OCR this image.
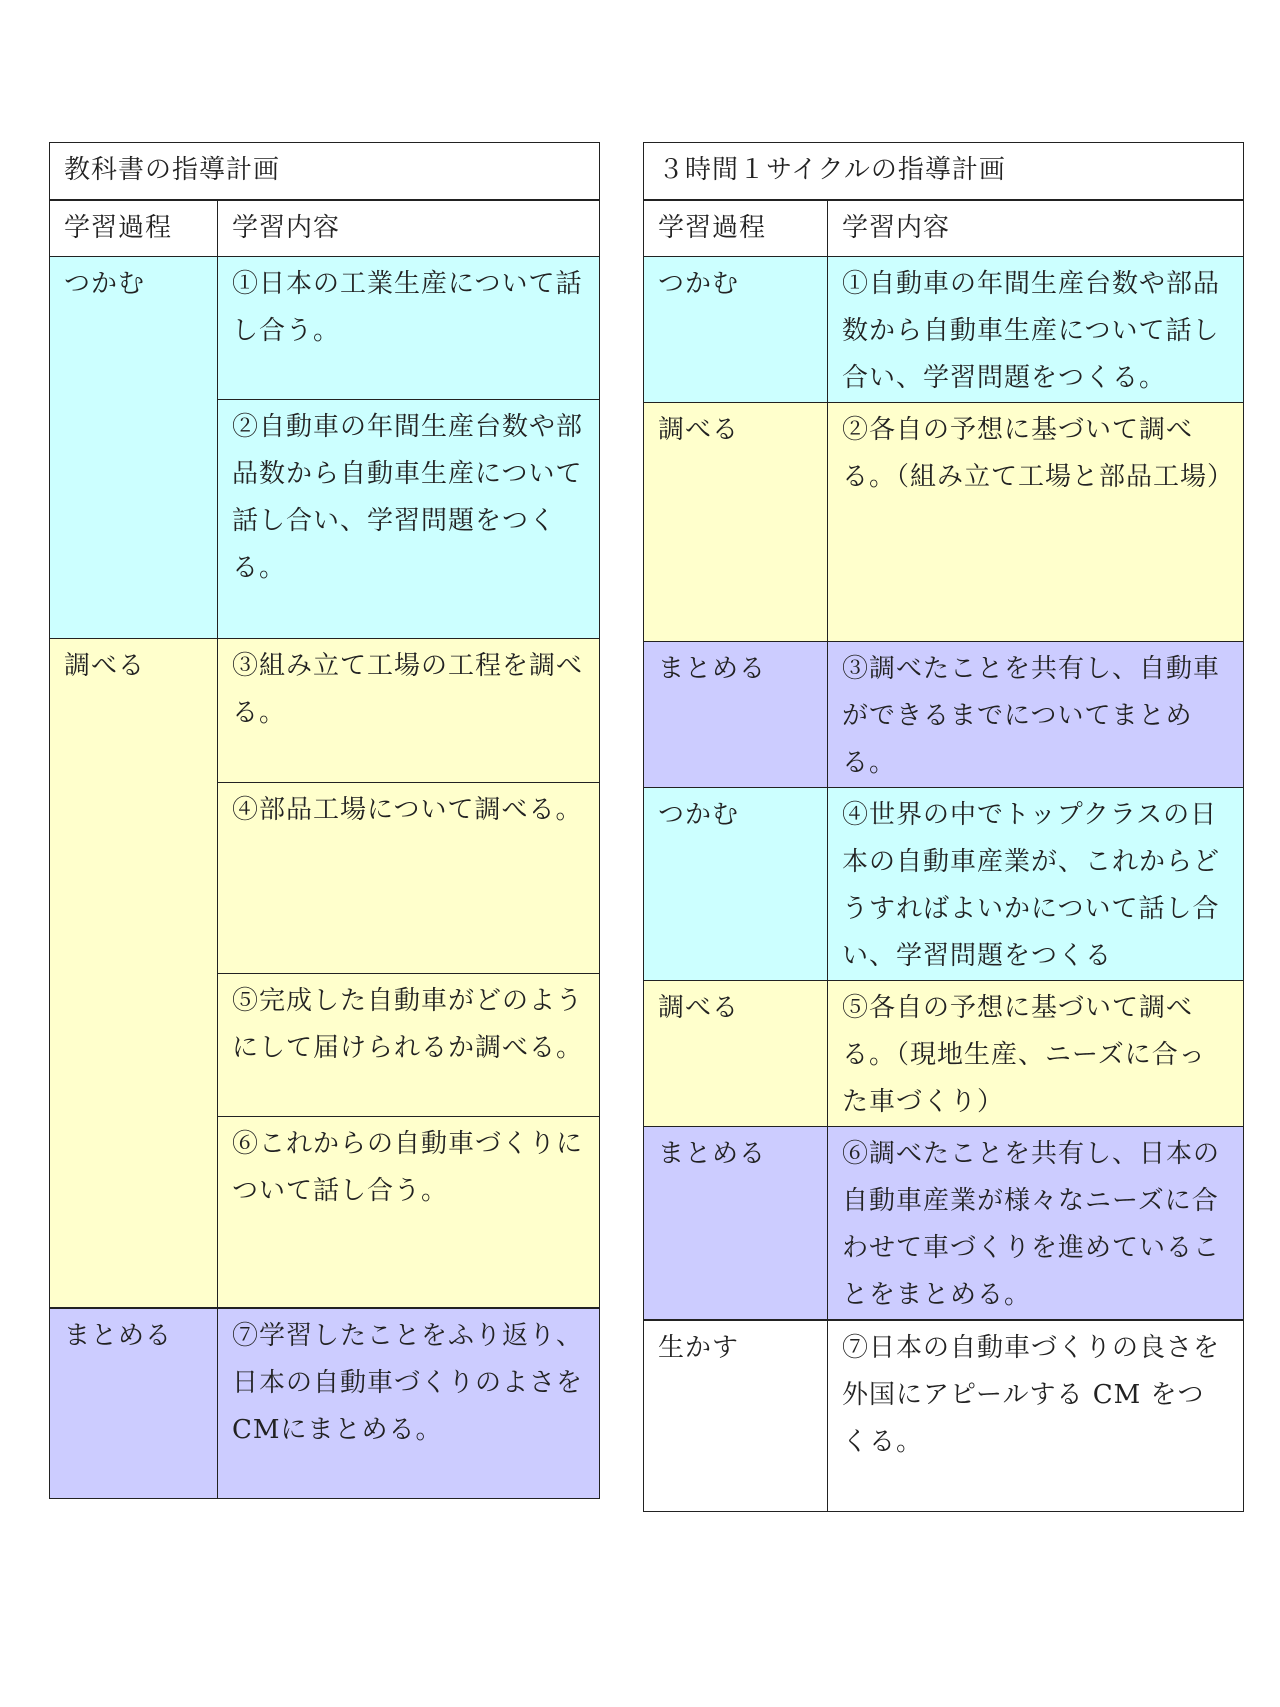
教科書の指導計画	
学習過程	学習内容
つかむ	①日本の工業生産について話し合う。
	②自動車の年間生産台数や部品数から自動車生産について話し合い、学習問題をつくる。
調べる	③組み立て工場の工程を調べる。
	④部品工場について調べる。
	⑤完成した自動車がどのようにして届けられるか調べる。
	⑥これからの自動車づくりについて話し合う。
まとめる	⑦学習したことをふり返り、日本の自動車づくりのよさをCMにまとめる。
３時間１サイクルの指導計画	
学習過程	学習内容
つかむ	①自動車の年間生産台数や部品数から自動車生産について話し合い、学習問題をつくる。
調べる	②各自の予想に基づいて調べる。（組み立て工場と部品工場）
まとめる	③調べたことを共有し、自動車ができるまでについてまとめる。
つかむ	④世界の中でトップクラスの日本の自動車産業が、これからどうすればよいかについて話し合い、学習問題をつくる
調べる	⑤各自の予想に基づいて調べる。（現地生産、ニーズに合った車づくり）
まとめる	⑥調べたことを共有し、日本の自動車産業が様々なニーズに合わせて車づくりを進めていることをまとめる。
生かす	⑦日本の自動車づくりの良さを外国にアピールする CM をつくる。
